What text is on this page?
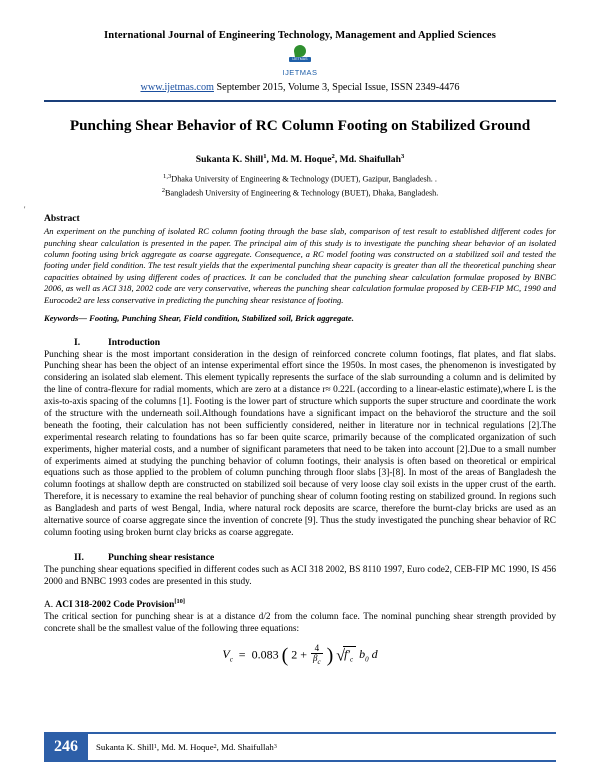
International Journal of Engineering Technology, Management and Applied Sciences
IJETMAS
IJETMAS
www.ijetmas.com September 2015, Volume 3, Special Issue, ISSN 2349-4476
Punching Shear Behavior of RC Column Footing on Stabilized Ground
Sukanta K. Shill$^1$, Md. M. Hoque$^2$, Md. Shaifullah$^3$
'
$^{1,3}$Dhaka University of Engineering & Technology (DUET), Gazipur, Bangladesh. .
$^2$Bangladesh University of Engineering & Technology (BUET), Dhaka, Bangladesh.
Abstract
An experiment on the punching of isolated RC column footing through the base slab, comparison of test result to established different codes for punching shear calculation is presented in the paper. The principal aim of this study is to investigate the punching shear behavior of an isolated column footing using brick aggregate as coarse aggregate. Consequence, a RC model footing was constructed on a stabilized soil and tested the footing under field condition. The test result yields that the experimental punching shear capacity is greater than all the theoretical punching shear capacities obtained by using different codes of practices. It can be concluded that the punching shear calculation formulae proposed by BNBC 2006, as well as ACI 318, 2002 code are very conservative, whereas the punching shear calculation formulae proposed by CEB-FIP MC, 1990 and Eurocode2 are less conservative in predicting the punching shear resistance of footing.
Keywords— Footing, Punching Shear, Field condition, Stabilized soil, Brick aggregate.
I.	Introduction
Punching shear is the most important consideration in the design of reinforced concrete column footings, flat plates, and flat slabs. Punching shear has been the object of an intense experimental effort since the 1950s. In most cases, the phenomenon is investigated by considering an isolated slab element. This element typically represents the surface of the slab surrounding a column and is delimited by the line of contra-flexure for radial moments, which are zero at a distance r≈ 0.22L (according to a linear-elastic estimate),where L is the axis-to-axis spacing of the columns [1]. Footing is the lower part of structure which supports the super structure and coordinate the work of the structure with the underneath soil.Although foundations have a significant impact on the behaviorof the structure and the soil beneath the footing, their calculation has not been sufficiently considered, neither in literature nor in technical regulations [2].The experimental research relating to foundations has so far been quite scarce, primarily because of the complicated organization of such experiments, higher material costs, and a number of significant parameters that need to be taken into account [2].Due to a small number of experiments aimed at studying the punching behavior of column footings, their analysis is often based on theoretical or empirical equations such as those applied to the problem of column punching through floor slabs [3]-[8]. In most of the areas of Bangladesh the column footings at shallow depth are constructed on stabilized soil because of very loose clay soil exists in the upper crust of the earth. Therefore, it is necessary to examine the real behavior of punching shear of column footing resting on stabilized ground. In regions such as Bangladesh and parts of west Bengal, India, where natural rock deposits are scarce, therefore the burnt-clay bricks are used as an alternative source of coarse aggregate since the invention of concrete [9]. Thus the study investigated the punching shear behavior of RC column footing using broken burnt clay bricks as coarse aggregate.
II.	Punching shear resistance
The punching shear equations specified in different codes such as ACI 318 2002, BS 8110 1997, Euro code2, CEB-FIP MC 1990, IS 456 2000 and BNBC 1993 codes are presented in this study.
A. ACI 318-2002 Code Provision[10]
The critical section for punching shear is at a distance d/2 from the column face. The nominal punching shear strength provided by concrete shall be the smallest value of the following three equations:
$V_c = 0.083$ ( $2 + \frac{4}{\beta_c}$ ) $√f'_c$ $b_0$ d
246	Sukanta K. Shill 1 , Md. M. Hoque 2 , Md. Shaifullah 3
